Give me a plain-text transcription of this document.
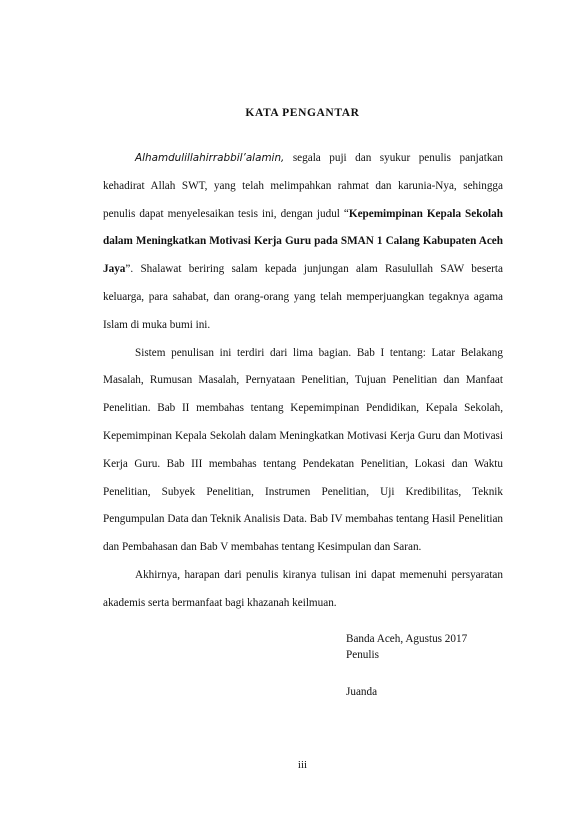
KATA PENGANTAR

Alhamdulillahirrabbil’alamin, segala puji dan syukur penulis panjatkan kehadirat Allah SWT, yang telah melimpahkan rahmat dan karunia-Nya, sehingga penulis dapat menyelesaikan tesis ini, dengan judul “Kepemimpinan Kepala Sekolah dalam Meningkatkan Motivasi Kerja Guru pada SMAN 1 Calang Kabupaten Aceh Jaya”. Shalawat beriring salam kepada junjungan alam Rasulullah SAW beserta keluarga, para sahabat, dan orang-orang yang telah memperjuangkan tegaknya agama Islam di muka bumi ini.

Sistem penulisan ini terdiri dari lima bagian. Bab I tentang: Latar Belakang Masalah, Rumusan Masalah, Pernyataan Penelitian, Tujuan Penelitian dan Manfaat Penelitian. Bab II membahas tentang Kepemimpinan Pendidikan, Kepala Sekolah, Kepemimpinan Kepala Sekolah dalam Meningkatkan Motivasi Kerja Guru dan Motivasi Kerja Guru. Bab III membahas tentang Pendekatan Penelitian, Lokasi dan Waktu Penelitian, Subyek Penelitian, Instrumen Penelitian, Uji Kredibilitas, Teknik Pengumpulan Data dan Teknik Analisis Data. Bab IV membahas tentang Hasil Penelitian dan Pembahasan dan Bab V membahas tentang Kesimpulan dan Saran.

Akhirnya, harapan dari penulis kiranya tulisan ini dapat memenuhi persyaratan akademis serta bermanfaat bagi khazanah keilmuan.

Banda Aceh, Agustus 2017
Penulis
Juanda
iii
